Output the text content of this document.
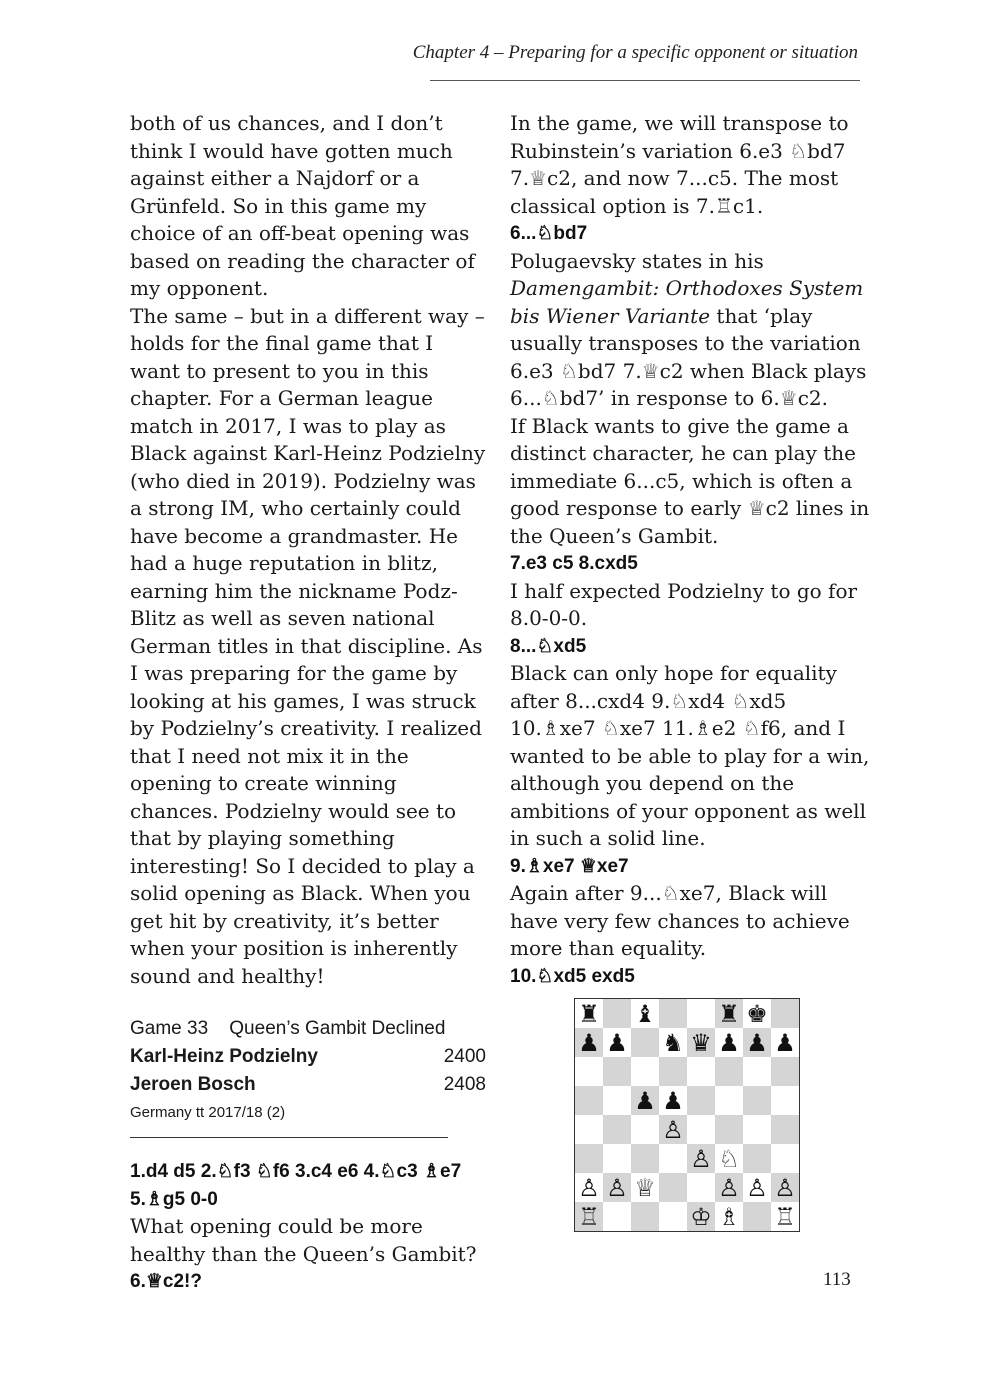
Chapter 4 – Preparing for a specific opponent or situation

both of us chances, and I don’t think I would have gotten much against either a Najdorf or a Grünfeld. So in this game my choice of an off-beat opening was based on reading the character of my opponent.

The same – but in a different way – holds for the final game that I want to present to you in this chapter. For a German league match in 2017, I was to play as Black against Karl-Heinz Podzielny (who died in 2019). Podzielny was a strong IM, who certainly could have become a grandmaster. He had a huge reputation in blitz, earning him the nickname Podz-Blitz as well as seven national German titles in that discipline. As I was preparing for the game by looking at his games, I was struck by Podzielny’s creativity. I realized that I need not mix it in the opening to create winning chances. Podzielny would see to that by playing something interesting! So I decided to play a solid opening as Black. When you get hit by creativity, it’s better when your position is inherently sound and healthy!

Game 33 Queen’s Gambit Declined
Karl-Heinz Podzielny	2400
Jeroen Bosch	2408
Germany tt 2017/18 (2)

1.d4 d5 2.♘f3 ♘f6 3.c4 e6 4.♘c3 ♗e7 5.♗g5 0-0

What opening could be more healthy than the Queen’s Gambit?

6.♕c2!?

In the game, we will transpose to Rubinstein’s variation 6.e3 ♘bd7 7.♕c2, and now 7...c5. The most classical option is 7.♖c1.

6...♘bd7

Polugaevsky states in his Damengambit: Orthodoxes System bis Wiener Variante that ‘play usually transposes to the variation 6.e3 ♘bd7 7.♕c2 when Black plays 6...♘bd7’ in response to 6.♕c2.

If Black wants to give the game a distinct character, he can play the immediate 6...c5, which is often a good response to early ♕c2 lines in the Queen’s Gambit.

7.e3 c5 8.cxd5

I half expected Podzielny to go for 8.0-0-0.

8...♘xd5

Black can only hope for equality after 8...cxd4 9.♘xd4 ♘xd5 10.♗xe7 ♘xe7 11.♗e2 ♘f6, and I wanted to be able to play for a win, although you depend on the ambitions of your opponent as well in such a solid line.

9.♗xe7 ♕xe7

Again after 9...♘xe7, Black will have very few chances to achieve more than equality.

10.♘xd5 exd5

♜ ♝	♜ ♚
♟ ♟ ♞ ♛ ♟ ♟ ♟
♟ ♟
♙
♙ ♘
♙ ♙ ♕	♙ ♙ ♙
♖	♔ ♗ ♖
113
